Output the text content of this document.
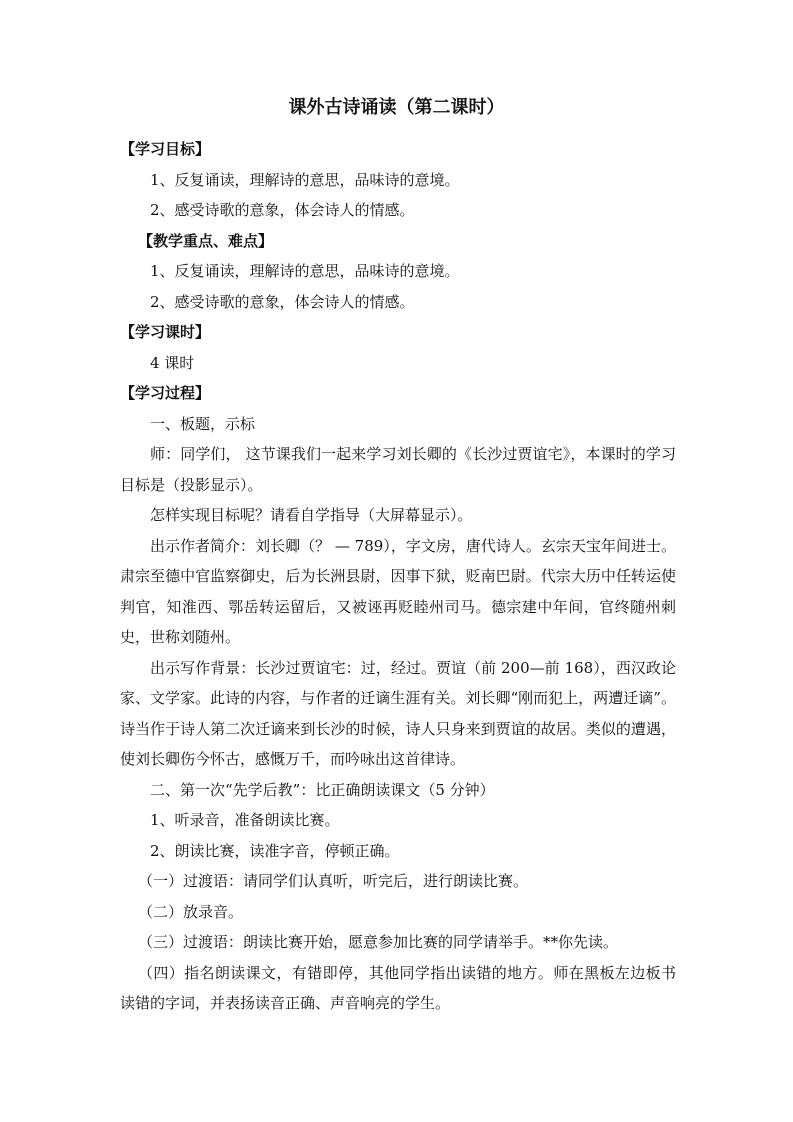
课外古诗诵读（第二课时）

【学习目标】

1、反复诵读，理解诗的意思，品味诗的意境。

2、感受诗歌的意象，体会诗人的情感。

【教学重点、难点】

1、反复诵读，理解诗的意思，品味诗的意境。

2、感受诗歌的意象，体会诗人的情感。

【学习课时】

4 课时

【学习过程】

一、板题，示标

师：同学们， 这节课我们一起来学习刘长卿的《长沙过贾谊宅》，本课时的学习目标是（投影显示）。

怎样实现目标呢？请看自学指导（大屏幕显示）。

出示作者简介：刘长卿（？ — 789），字文房，唐代诗人。玄宗天宝年间进士。肃宗至德中官监察御史，后为长洲县尉，因事下狱，贬南巴尉。代宗大历中任转运使判官，知淮西、鄂岳转运留后，又被诬再贬睦州司马。德宗建中年间，官终随州刺史，世称刘随州。

出示写作背景：长沙过贾谊宅：过，经过。贾谊（前 200—前 168），西汉政论家、文学家。此诗的内容，与作者的迁谪生涯有关。刘长卿“刚而犯上，两遭迁谪”。诗当作于诗人第二次迁谪来到长沙的时候，诗人只身来到贾谊的故居。类似的遭遇，使刘长卿伤今怀古，感慨万千，而吟咏出这首律诗。

二、第一次“先学后教”：比正确朗读课文（5 分钟）

1、听录音，准备朗读比赛。

2、朗读比赛，读准字音，停顿正确。

（一）过渡语：请同学们认真听，听完后，进行朗读比赛。

（二）放录音。

（三）过渡语：朗读比赛开始，愿意参加比赛的同学请举手。**你先读。

（四）指名朗读课文，有错即停，其他同学指出读错的地方。师在黑板左边板书读错的字词，并表扬读音正确、声音响亮的学生。
